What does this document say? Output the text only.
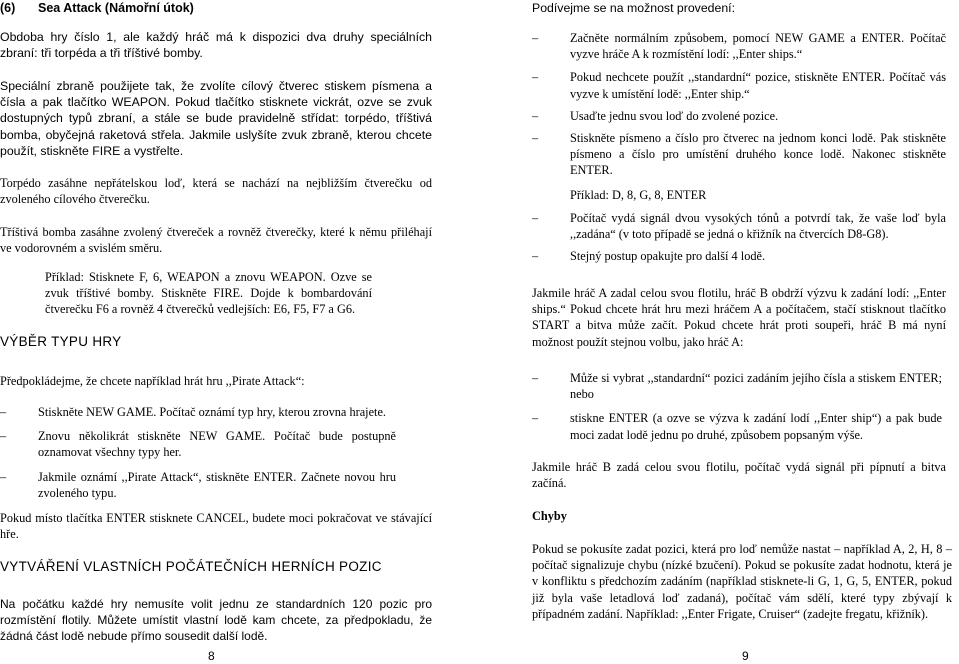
(6) Sea Attack (Námořní útok)
Obdoba hry číslo 1, ale každý hráč má k dispozici dva druhy speciálních zbraní: tři torpéda a tři tříštivé bomby.
Speciální zbraně použijete tak, že zvolíte cílový čtverec stiskem písmena a čísla a pak tlačítko WEAPON. Pokud tlačítko stisknete vickrát, ozve se zvuk dostupných typů zbraní, a stále se bude pravidelně střídat: torpédo, tříštivá bomba, obyčejná raketová střela. Jakmile uslyšíte zvuk zbraně, kterou chcete použít, stiskněte FIRE a vystřelte.
Torpédo zasáhne nepřátelskou loď, která se nachází na nejbližším čtverečku od zvoleného cílového čtverečku.
Tříštivá bomba zasáhne zvolený čtvereček a rovněž čtverečky, které k němu přiléhají ve vodorovném a svislém směru.
Příklad: Stisknete F, 6, WEAPON a znovu WEAPON. Ozve se zvuk tříštivé bomby. Stiskněte FIRE. Dojde k bombardování čtverečku F6 a rovněž 4 čtverečků vedlejších: E6, F5, F7 a G6.
VÝBĚR TYPU HRY
Předpokládejme, že chcete například hrát hru ,,Pirate Attack“:
– Stiskněte NEW GAME. Počítač oznámí typ hry, kterou zrovna hrajete.
– Znovu několikrát stiskněte NEW GAME. Počítač bude postupně oznamovat všechny typy her.
– Jakmile oznámí ,,Pirate Attack“, stiskněte ENTER. Začnete novou hru zvoleného typu.
Pokud místo tlačítka ENTER stisknete CANCEL, budete moci pokračovat ve stávající hře.
VYTVÁŘENÍ VLASTNÍCH POČÁTEČNÍCH HERNÍCH POZIC
Na počátku každé hry nemusíte volit jednu ze standardních 120 pozic pro rozmístění flotily. Můžete umístit vlastní lodě kam chcete, za předpokladu, že žádná část lodě nebude přímo sousedit další lodě.
8
Podívejme se na možnost provedení:
– Začněte normálním způsobem, pomocí NEW GAME a ENTER. Počítač vyzve hráče A k rozmístění lodí: ,,Enter ships.“
– Pokud nechcete použít ,,standardní“ pozice, stiskněte ENTER. Počítač vás vyzve k umístění lodě: ,,Enter ship.“
– Usaďte jednu svou loď do zvolené pozice.
– Stiskněte písmeno a číslo pro čtverec na jednom konci lodě. Pak stiskněte písmeno a číslo pro umístění druhého konce lodě. Nakonec stiskněte ENTER.
Příklad: D, 8, G, 8, ENTER
– Počítač vydá signál dvou vysokých tónů a potvrdí tak, že vaše loď byla ,,zadána“ (v toto případě se jedná o křižník na čtvercích D8-G8).
– Stejný postup opakujte pro další 4 lodě.
Jakmile hráč A zadal celou svou flotilu, hráč B obdrží výzvu k zadání lodí: ,,Enter ships.“ Pokud chcete hrát hru mezi hráčem A a počítačem, stačí stisknout tlačítko START a bitva může začít. Pokud chcete hrát proti soupeři, hráč B má nyní možnost použít stejnou volbu, jako hráč A:
– Může si vybrat ,,standardní“ pozici zadáním jejího čísla a stiskem ENTER; nebo
– stiskne ENTER (a ozve se výzva k zadání lodí ,,Enter ship“) a pak bude moci zadat lodě jednu po druhé, způsobem popsaným výše.
Jakmile hráč B zadá celou svou flotilu, počítač vydá signál při pípnutí a bitva začíná.
Chyby
Pokud se pokusíte zadat pozici, která pro loď nemůže nastat – například A, 2, H, 8 – počítač signalizuje chybu (nízké bzučení). Pokud se pokusíte zadat hodnotu, která je v konfliktu s předchozím zadáním (například stisknete-li G, 1, G, 5, ENTER, pokud již byla vaše letadlová loď zadaná), počítač vám sdělí, které typy zbývají k případném zadání. Například: ,,Enter Frigate, Cruiser“ (zadejte fregatu, křižník).
9
